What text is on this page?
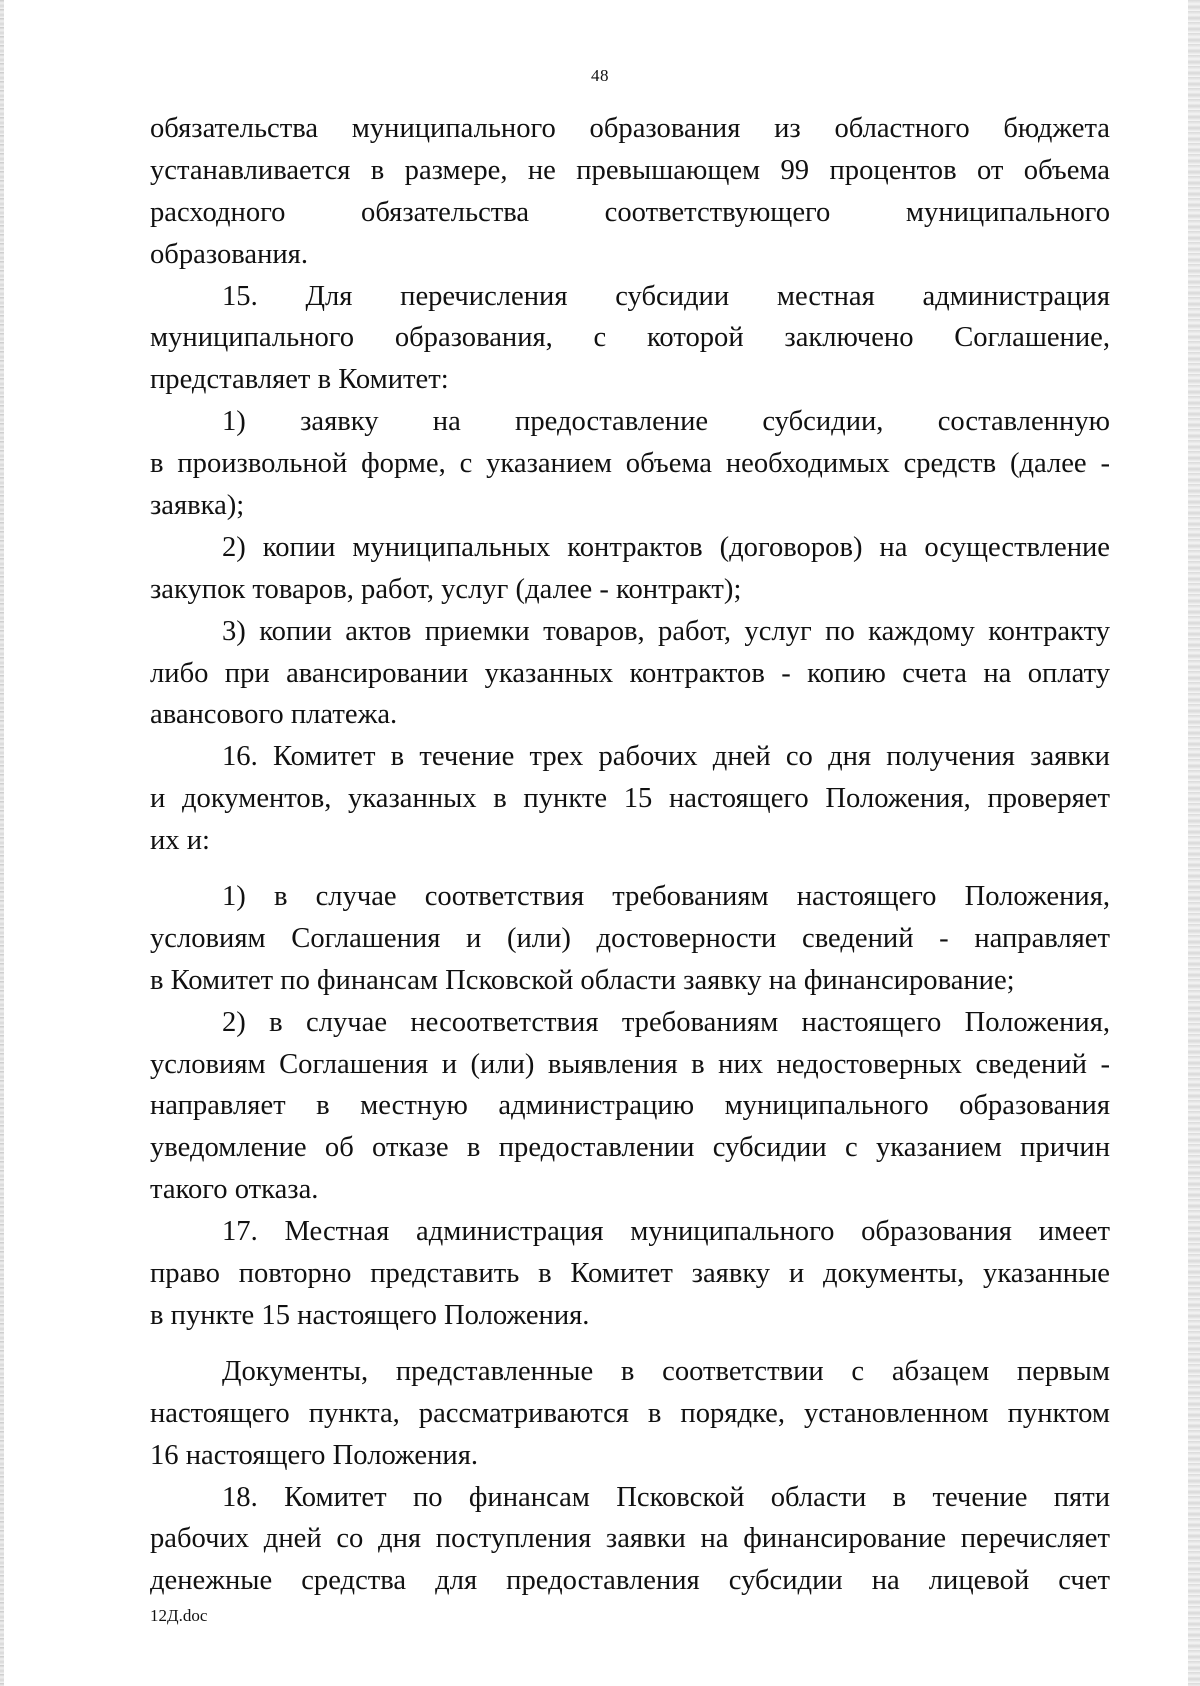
48
обязательства муниципального образования из областного бюджета
устанавливается в размере, не превышающем 99 процентов от объема
расходного обязательства соответствующего муниципального
образования.
15. Для перечисления субсидии местная администрация
муниципального образования, с которой заключено Соглашение,
представляет в Комитет:
1) заявку на предоставление субсидии, составленную
в произвольной форме, с указанием объема необходимых средств (далее -
заявка);
2) копии муниципальных контрактов (договоров) на осуществление
закупок товаров, работ, услуг (далее - контракт);
3) копии актов приемки товаров, работ, услуг по каждому контракту
либо при авансировании указанных контрактов - копию счета на оплату
авансового платежа.
16. Комитет в течение трех рабочих дней со дня получения заявки
и документов, указанных в пункте 15 настоящего Положения, проверяет
их и:
1) в случае соответствия требованиям настоящего Положения,
условиям Соглашения и (или) достоверности сведений - направляет
в Комитет по финансам Псковской области заявку на финансирование;
2) в случае несоответствия требованиям настоящего Положения,
условиям Соглашения и (или) выявления в них недостоверных сведений -
направляет в местную администрацию муниципального образования
уведомление об отказе в предоставлении субсидии с указанием причин
такого отказа.
17. Местная администрация муниципального образования имеет
право повторно представить в Комитет заявку и документы, указанные
в пункте 15 настоящего Положения.
Документы, представленные в соответствии с абзацем первым
настоящего пункта, рассматриваются в порядке, установленном пунктом
16 настоящего Положения.
18. Комитет по финансам Псковской области в течение пяти
рабочих дней со дня поступления заявки на финансирование перечисляет
денежные средства для предоставления субсидии на лицевой счет
12Д.doc
